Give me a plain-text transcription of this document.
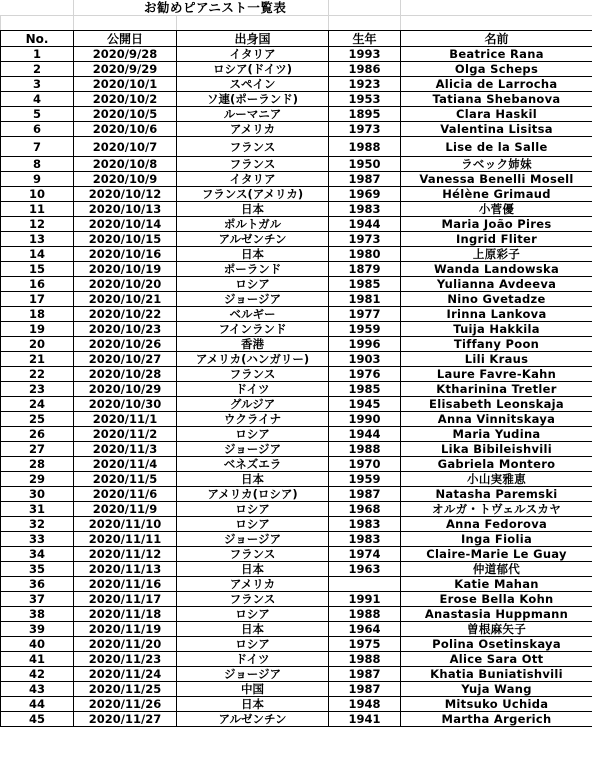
	お勧めピアニスト一覧表			

No.	公開日	出身国	生年	名前
1	2020/9/28	イタリア	1993	Beatrice Rana
2	2020/9/29	ロシア(ドイツ)	1986	Olga Scheps
3	2020/10/1	スペイン	1923	Alicia de Larrocha
4	2020/10/2	ソ連(ポーランド)	1953	Tatiana Shebanova
5	2020/10/5	ルーマニア	1895	Clara Haskil
6	2020/10/6	アメリカ	1973	Valentina Lisitsa
7	2020/10/7	フランス	1988	Lise de la Salle
8	2020/10/8	フランス	1950	ラベック姉妹
9	2020/10/9	イタリア	1987	Vanessa Benelli Mosell
10	2020/10/12	フランス(アメリカ)	1969	Hélène Grimaud
11	2020/10/13	日本	1983	小菅優
12	2020/10/14	ポルトガル	1944	Maria João Pires
13	2020/10/15	アルゼンチン	1973	Ingrid Fliter
14	2020/10/16	日本	1980	上原彩子
15	2020/10/19	ポーランド	1879	Wanda Landowska
16	2020/10/20	ロシア	1985	Yulianna Avdeeva
17	2020/10/21	ジョージア	1981	Nino Gvetadze
18	2020/10/22	ベルギー	1977	Irinna Lankova
19	2020/10/23	フインランド	1959	Tuija Hakkila
20	2020/10/26	香港	1996	Tiffany Poon
21	2020/10/27	アメリカ(ハンガリー)	1903	Lili Kraus
22	2020/10/28	フランス	1976	Laure Favre-Kahn
23	2020/10/29	ドイツ	1985	Ktharinina Tretler
24	2020/10/30	グルジア	1945	Elisabeth Leonskaja
25	2020/11/1	ウクライナ	1990	Anna Vinnitskaya
26	2020/11/2	ロシア	1944	Maria Yudina
27	2020/11/3	ジョージア	1988	Lika Bibileishvili
28	2020/11/4	ベネズエラ	1970	Gabriela Montero
29	2020/11/5	日本	1959	小山実雅恵
30	2020/11/6	アメリカ(ロシア)	1987	Natasha Paremski
31	2020/11/9	ロシア	1968	オルガ・トヴェルスカヤ
32	2020/11/10	ロシア	1983	Anna Fedorova
33	2020/11/11	ジョージア	1983	Inga Fiolia
34	2020/11/12	フランス	1974	Claire-Marie Le Guay
35	2020/11/13	日本	1963	仲道郁代
36	2020/11/16	アメリカ		Katie Mahan
37	2020/11/17	フランス	1991	Erose Bella Kohn
38	2020/11/18	ロシア	1988	Anastasia Huppmann
39	2020/11/19	日本	1964	曽根麻矢子
40	2020/11/20	ロシア	1975	Polina Osetinskaya
41	2020/11/23	ドイツ	1988	Alice Sara Ott
42	2020/11/24	ジョージア	1987	Khatia Buniatishvili
43	2020/11/25	中国	1987	Yuja Wang
44	2020/11/26	日本	1948	Mitsuko Uchida
45	2020/11/27	アルゼンチン	1941	Martha Argerich
